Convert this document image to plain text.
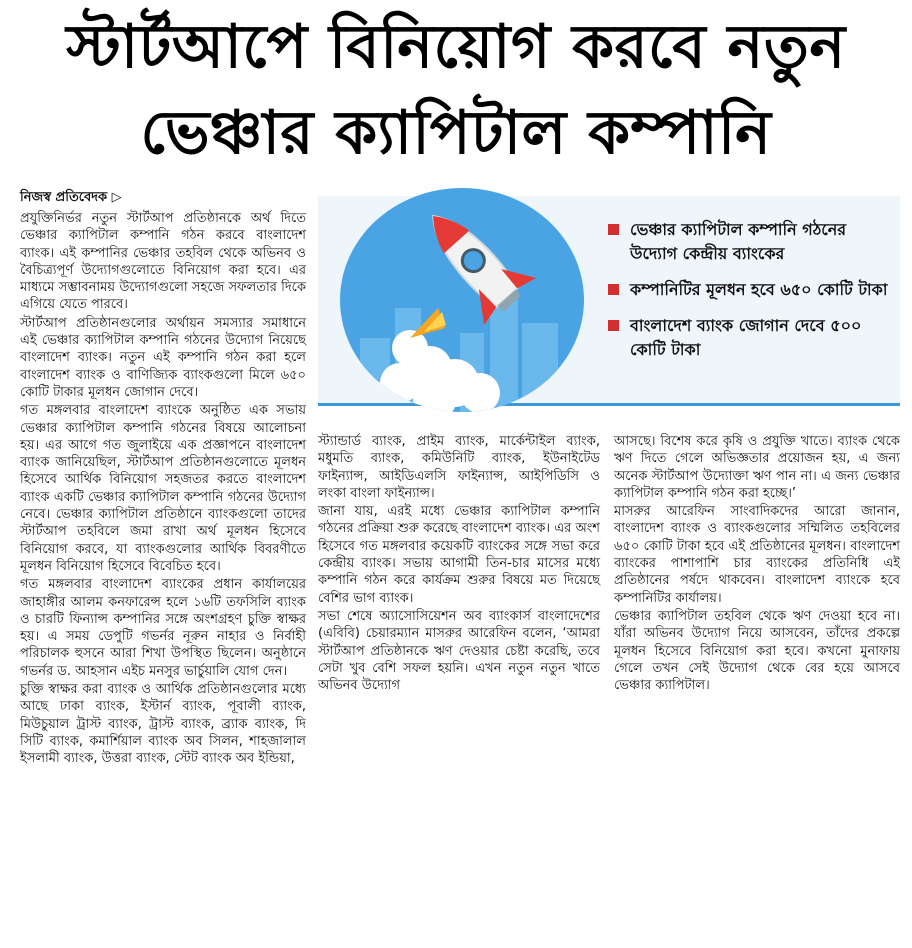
স্টার্টআপে বিনিয়োগ করবে নতুন
ভেঞ্চার ক্যাপিটাল কম্পানি
নিজস্ব প্রতিবেদক ▷
ভেঞ্চার ক্যাপিটাল কম্পানি গঠনের উদ্যোগ কেন্দ্রীয় ব্যাংকের
কম্পানিটির মূলধন হবে ৬৫০ কোটি টাকা
বাংলাদেশ ব্যাংক জোগান দেবে ৫০০ কোটি টাকা

প্রযুক্তিনির্ভর নতুন স্টার্টআপ প্রতিষ্ঠানকে অর্থ দিতে ভেঞ্চার ক্যাপিটাল কম্পানি গঠন করবে বাংলাদেশ ব্যাংক। এই কম্পানির ভেঞ্চার তহবিল থেকে অভিনব ও বৈচিত্র্যপূর্ণ উদ্যোগগুলোতে বিনিয়োগ করা হবে। এর মাধ্যমে সম্ভাবনাময় উদ্যোগগুলো সহজে সফলতার দিকে এগিয়ে যেতে পারবে।

স্টার্টআপ প্রতিষ্ঠানগুলোর অর্থায়ন সমস্যার সমাধানে এই ভেঞ্চার ক্যাপিটাল কম্পানি গঠনের উদ্যোগ নিয়েছে বাংলাদেশ ব্যাংক। নতুন এই কম্পানি গঠন করা হলে বাংলাদেশ ব্যাংক ও বাণিজ্যিক ব্যাংকগুলো মিলে ৬৫০ কোটি টাকার মূলধন জোগান দেবে।

গত মঙ্গলবার বাংলাদেশ ব্যাংকে অনুষ্ঠিত এক সভায় ভেঞ্চার ক্যাপিটাল কম্পানি গঠনের বিষয়ে আলোচনা হয়। এর আগে গত জুলাইয়ে এক প্রজ্ঞাপনে বাংলাদেশ ব্যাংক জানিয়েছিল, স্টার্টআপ প্রতিষ্ঠানগুলোতে মূলধন হিসেবে আর্থিক বিনিয়োগ সহজতর করতে বাংলাদেশ ব্যাংক একটি ভেঞ্চার ক্যাপিটাল কম্পানি গঠনের উদ্যোগ নেবে। ভেঞ্চার ক্যাপিটাল প্রতিষ্ঠানে ব্যাংকগুলো তাদের স্টার্টআপ তহবিলে জমা রাখা অর্থ মূলধন হিসেবে বিনিয়োগ করবে, যা ব্যাংকগুলোর আর্থিক বিবরণীতে মূলধন বিনিয়োগ হিসেবে বিবেচিত হবে।

গত মঙ্গলবার বাংলাদেশ ব্যাংকের প্রধান কার্যালয়ের জাহাঙ্গীর আলম কনফারেন্স হলে ১৬টি তফসিলি ব্যাংক ও চারটি ফিন্যান্স কম্পানির সঙ্গে অংশগ্রহণ চুক্তি স্বাক্ষর হয়। এ সময় ডেপুটি গভর্নর নূরুন নাহার ও নির্বাহী পরিচালক হুসনে আরা শিখা উপস্থিত ছিলেন। অনুষ্ঠানে গভর্নর ড. আহসান এইচ মনসুর ভার্চুয়ালি যোগ দেন।

চুক্তি স্বাক্ষর করা ব্যাংক ও আর্থিক প্রতিষ্ঠানগুলোর মধ্যে আছে ঢাকা ব্যাংক, ইস্টার্ন ব্যাংক, পূবালী ব্যাংক, মিউচুয়াল ট্রাস্ট ব্যাংক, ট্রাস্ট ব্যাংক, ব্র্যাক ব্যাংক, দি সিটি ব্যাংক, কমার্শিয়াল ব্যাংক অব সিলন, শাহজালাল ইসলামী ব্যাংক, উত্তরা ব্যাংক, স্টেট ব্যাংক অব ইন্ডিয়া,

স্ট্যান্ডার্ড ব্যাংক, প্রাইম ব্যাংক, মার্কেন্টাইল ব্যাংক, মধুমতি ব্যাংক, কমিউনিটি ব্যাংক, ইউনাইটেড ফাইন্যান্স, আইডিএলসি ফাইন্যান্স, আইপিডিসি ও লংকা বাংলা ফাইন্যান্স।

জানা যায়, এরই মধ্যে ভেঞ্চার ক্যাপিটাল কম্পানি গঠনের প্রক্রিয়া শুরু করেছে বাংলাদেশ ব্যাংক। এর অংশ হিসেবে গত মঙ্গলবার কয়েকটি ব্যাংকের সঙ্গে সভা করে কেন্দ্রীয় ব্যাংক। সভায় আগামী তিন-চার মাসের মধ্যে কম্পানি গঠন করে কার্যক্রম শুরুর বিষয়ে মত দিয়েছে বেশির ভাগ ব্যাংক।

সভা শেষে অ্যাসোসিয়েশন অব ব্যাংকার্স বাংলাদেশের (এবিবি) চেয়ারম্যান মাসরুর আরেফিন বলেন, ‘আমরা স্টার্টআপ প্রতিষ্ঠানকে ঋণ দেওয়ার চেষ্টা করেছি, তবে সেটা খুব বেশি সফল হয়নি। এখন নতুন নতুন খাতে অভিনব উদ্যোগ

আসছে। বিশেষ করে কৃষি ও প্রযুক্তি খাতে। ব্যাংক থেকে ঋণ দিতে গেলে অভিজ্ঞতার প্রয়োজন হয়, এ জন্য অনেক স্টার্টআপ উদ্যোক্তা ঋণ পান না। এ জন্য ভেঞ্চার ক্যাপিটাল কম্পানি গঠন করা হচ্ছে।’

মাসরুর আরেফিন সাংবাদিকদের আরো জানান, বাংলাদেশ ব্যাংক ও ব্যাংকগুলোর সম্মিলিত তহবিলের ৬৫০ কোটি টাকা হবে এই প্রতিষ্ঠানের মূলধন। বাংলাদেশ ব্যাংকের পাশাপাশি চার ব্যাংকের প্রতিনিধি এই প্রতিষ্ঠানের পর্ষদে থাকবেন। বাংলাদেশ ব্যাংকে হবে কম্পানিটির কার্যালয়।

ভেঞ্চার ক্যাপিটাল তহবিল থেকে ঋণ দেওয়া হবে না। যাঁরা অভিনব উদ্যোগ নিয়ে আসবেন, তাঁদের প্রকল্পে মূলধন হিসেবে বিনিয়োগ করা হবে। কখনো মুনাফায় গেলে তখন সেই উদ্যোগ থেকে বের হয়ে আসবে ভেঞ্চার ক্যাপিটাল।
